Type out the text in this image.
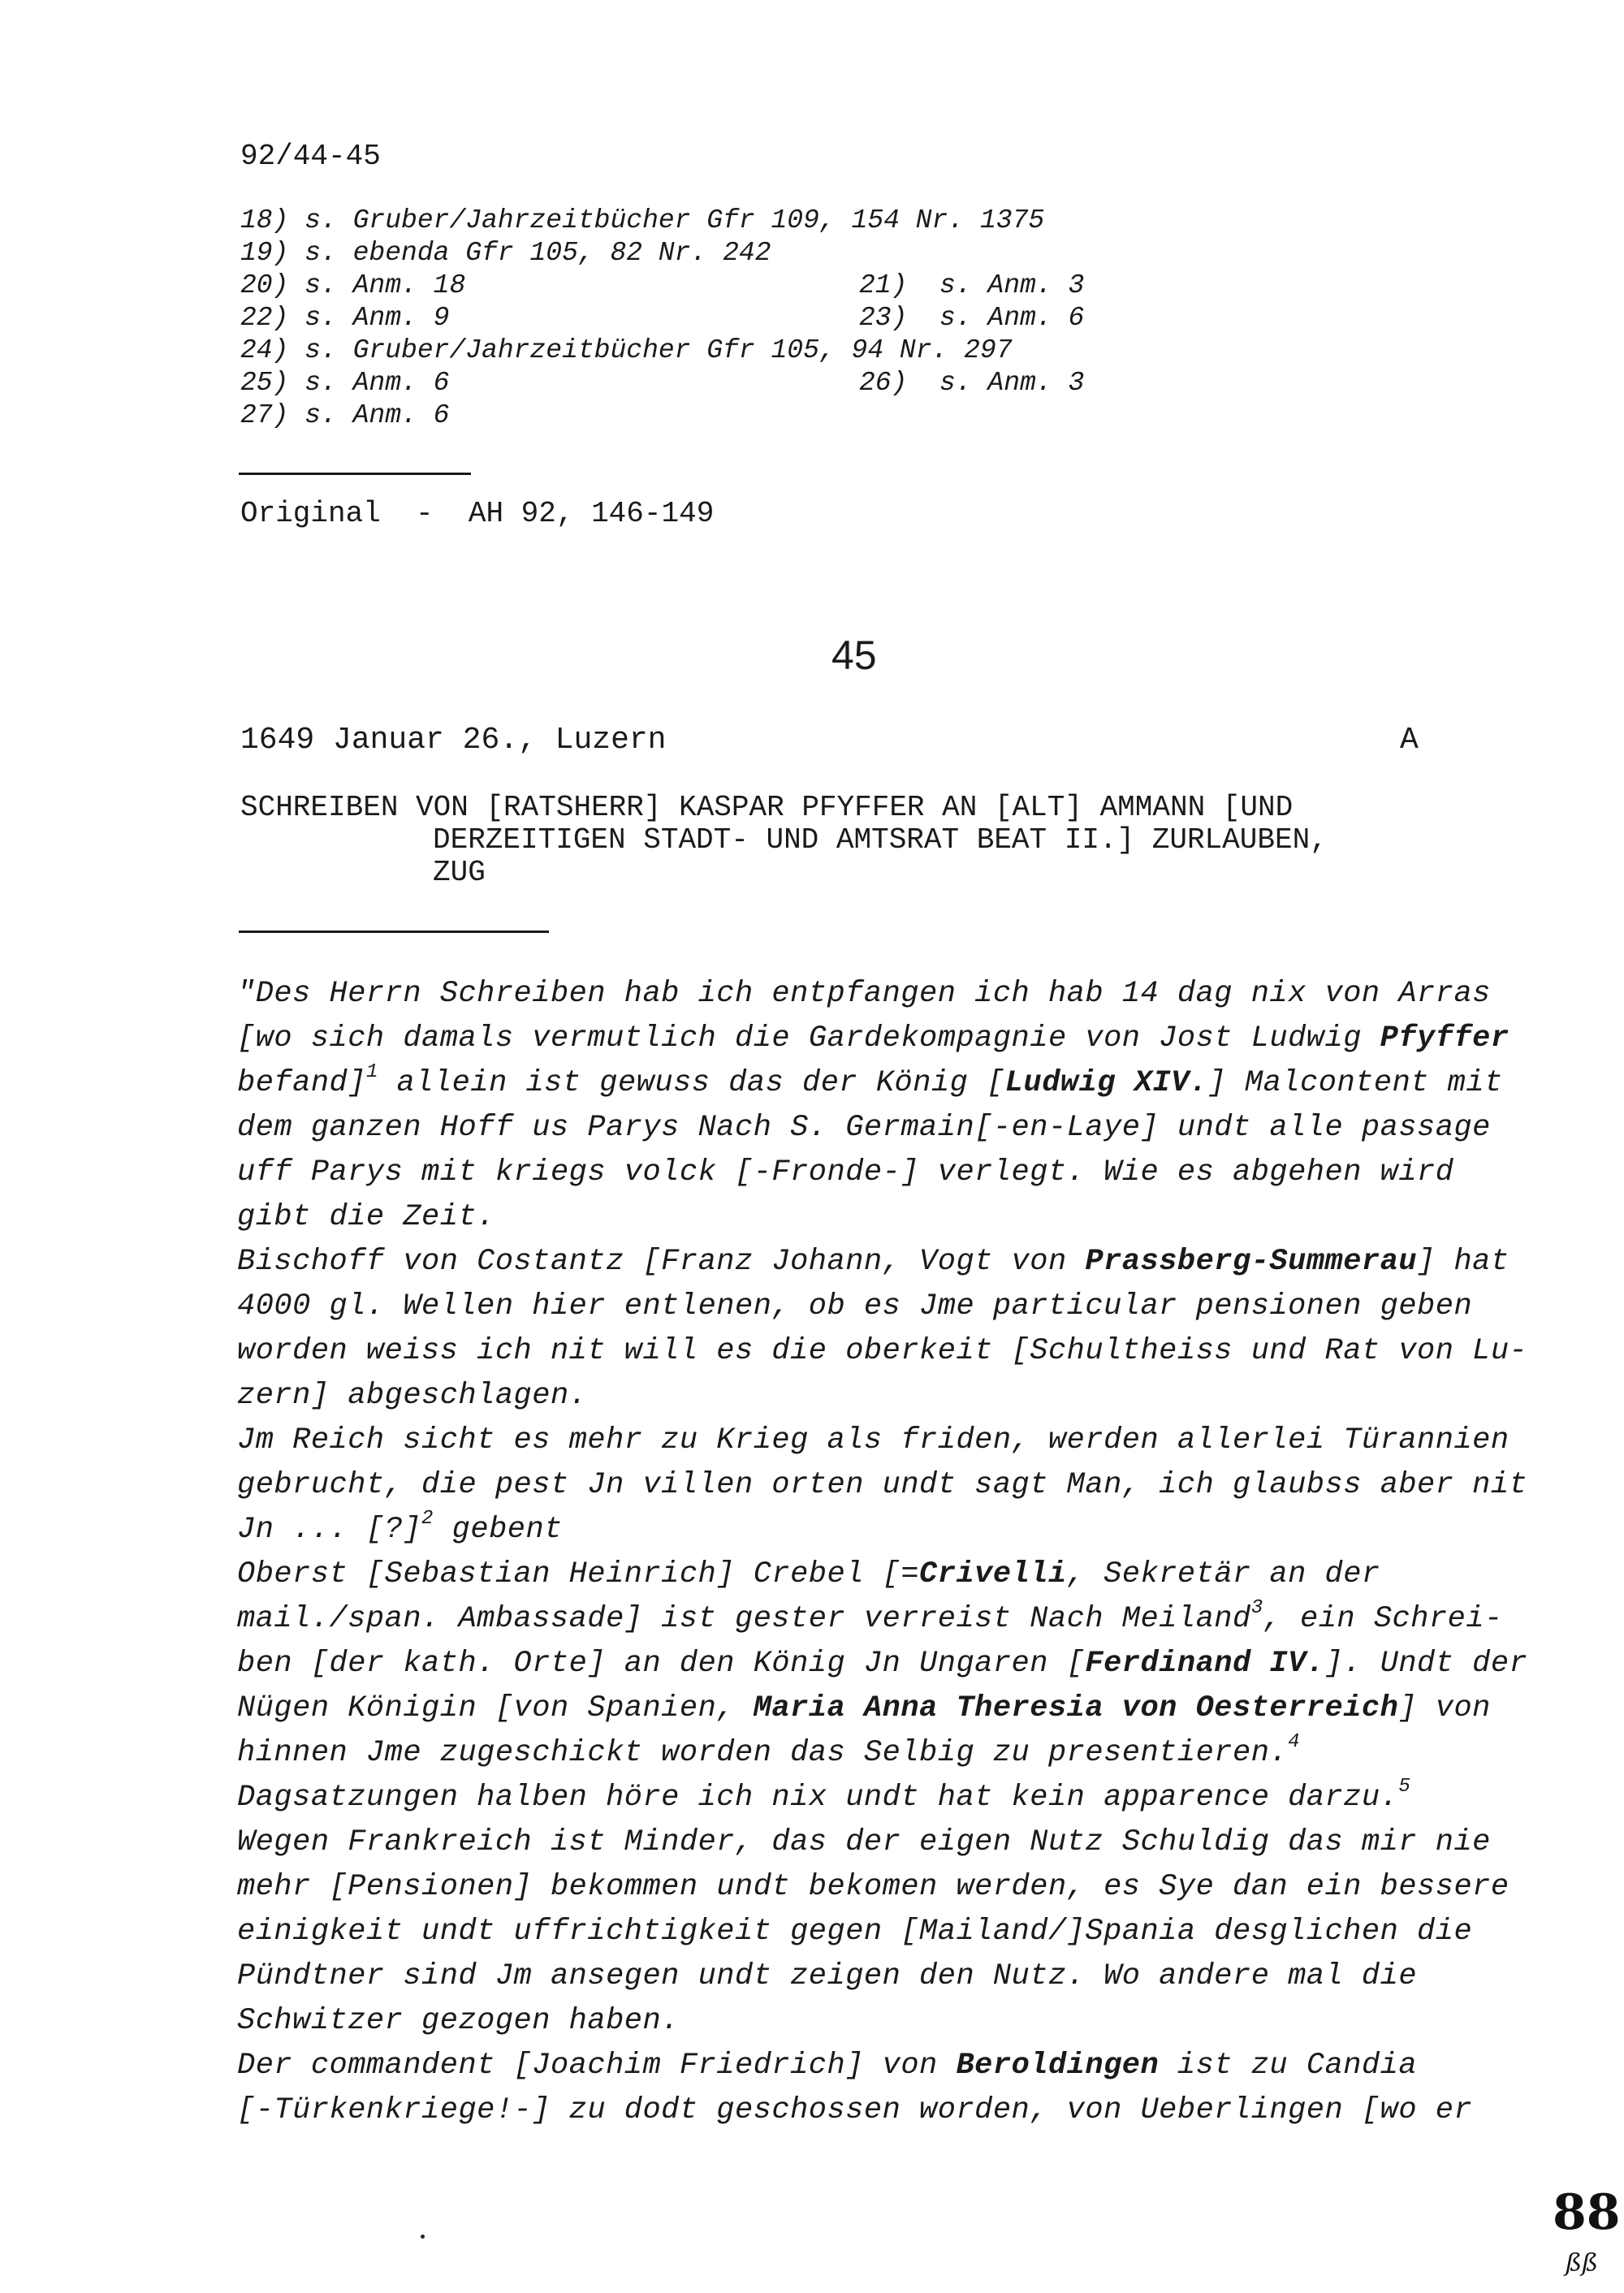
92/44-45
18) s. Gruber/Jahrzeitbücher Gfr 109, 154 Nr. 1375
19) s. ebenda Gfr 105, 82 Nr. 242
20) s. Anm. 18	21)  s. Anm. 3
22) s. Anm. 9	23)  s. Anm. 6
24) s. Gruber/Jahrzeitbücher Gfr 105, 94 Nr. 297
25) s. Anm. 6	26)  s. Anm. 3
27) s. Anm. 6
Original  -  AH 92, 146-149
45
1649 Januar 26., Luzern	A
SCHREIBEN VON [RATSHERR] KASPAR PFYFFER AN [ALT] AMMANN [UND
DERZEITIGEN STADT- UND AMTSRAT BEAT II.] ZURLAUBEN,
ZUG
"Des Herrn Schreiben hab ich entpfangen ich hab 14 dag nix von Arras
[wo sich damals vermutlich die Gardekompagnie von Jost Ludwig Pfyffer
befand]$^1$ allein ist gewuss das der König [Ludwig XIV.] Malcontent mit
dem ganzen Hoff us Parys Nach S. Germain[-en-Laye] undt alle passage
uff Parys mit kriegs volck [-Fronde-] verlegt. Wie es abgehen wird
gibt die Zeit.
Bischoff von Costantz [Franz Johann, Vogt von Prassberg-Summerau] hat
4000 gl. Wellen hier entlenen, ob es Jme particular pensionen geben
worden weiss ich nit will es die oberkeit [Schultheiss und Rat von Lu-
zern] abgeschlagen.
Jm Reich sicht es mehr zu Krieg als friden, werden allerlei Türannien
gebrucht, die pest Jn villen orten undt sagt Man, ich glaubss aber nit
Jn ... [?]$^2$ gebent
Oberst [Sebastian Heinrich] Crebel [=Crivelli, Sekretär an der
mail./span. Ambassade] ist gester verreist Nach Meiland$^3$, ein Schrei-
ben [der kath. Orte] an den König Jn Ungaren [Ferdinand IV.]. Undt der
Nügen Königin [von Spanien, Maria Anna Theresia von Oesterreich] von
hinnen Jme zugeschickt worden das Selbig zu presentieren.$^4$
Dagsatzungen halben höre ich nix undt hat kein apparence darzu.$^5$
Wegen Frankreich ist Minder, das der eigen Nutz Schuldig das mir nie
mehr [Pensionen] bekommen undt bekomen werden, es Sye dan ein bessere
einigkeit undt uffrichtigkeit gegen [Mailand/]Spania desglichen die
Pündtner sind Jm ansegen undt zeigen den Nutz. Wo andere mal die
Schwitzer gezogen haben.
Der commandent [Joachim Friedrich] von Beroldingen ist zu Candia
[-Türkenkriege!-] zu dodt geschossen worden, von Ueberlingen [wo er
88
ßß
